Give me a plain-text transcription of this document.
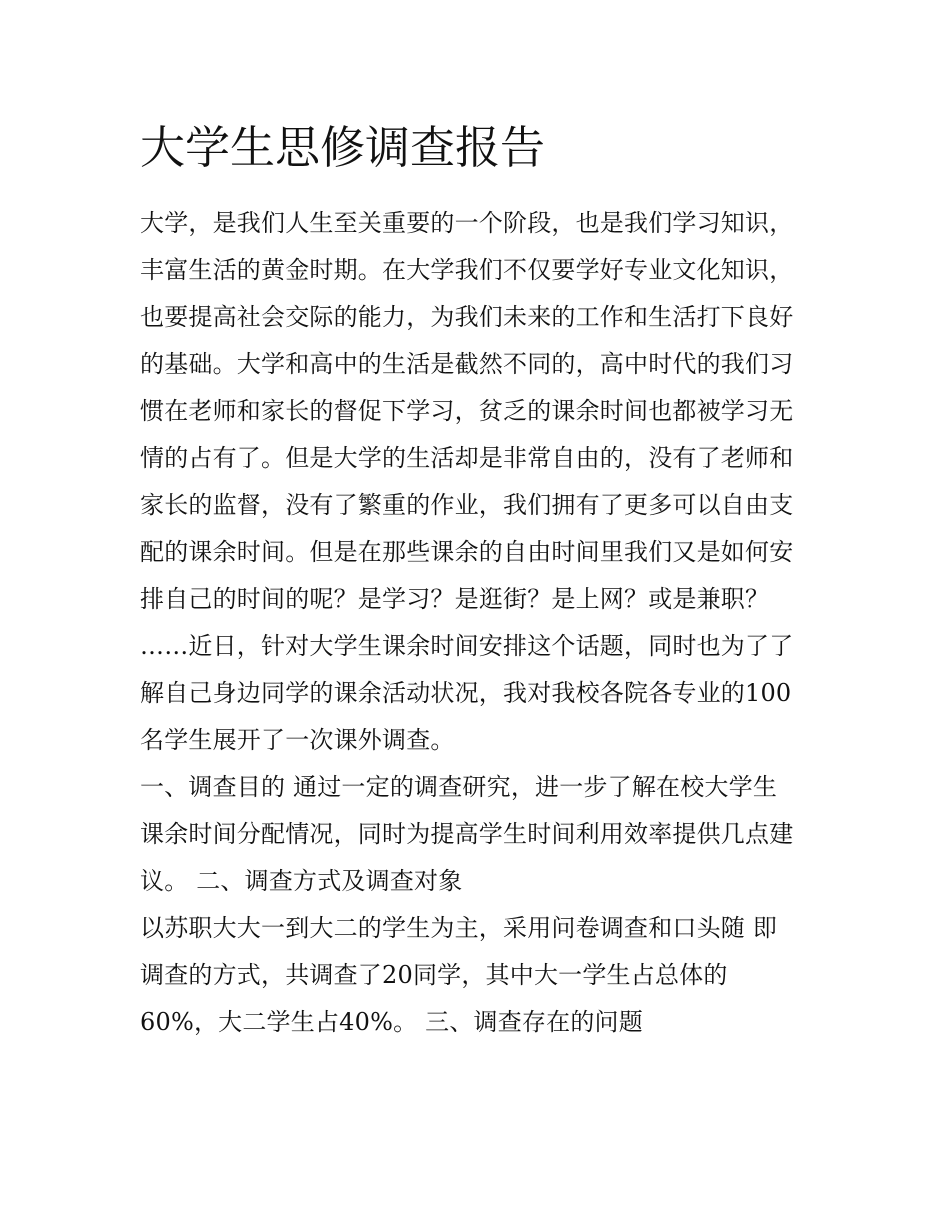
大学生思修调查报告
大学，是我们人生至关重要的一个阶段，也是我们学习知识，
丰富生活的黄金时期。在大学我们不仅要学好专业文化知识，
也要提高社会交际的能力，为我们未来的工作和生活打下良好
的基础。大学和高中的生活是截然不同的，高中时代的我们习
惯在老师和家长的督促下学习，贫乏的课余时间也都被学习无
情的占有了。但是大学的生活却是非常自由的，没有了老师和
家长的监督，没有了繁重的作业，我们拥有了更多可以自由支
配的课余时间。但是在那些课余的自由时间里我们又是如何安
排自己的时间的呢？是学习？是逛街？是上网？或是兼职？
……近日，针对大学生课余时间安排这个话题，同时也为了了
解自己身边同学的课余活动状况，我对我校各院各专业的100
名学生展开了一次课外调查。
一、调查目的 通过一定的调查研究，进一步了解在校大学生
课余时间分配情况，同时为提高学生时间利用效率提供几点建
议。 二、调查方式及调查对象
以苏职大大一到大二的学生为主，采用问卷调查和口头随 即
调查的方式，共调查了20同学，其中大一学生占总体的
60%，大二学生占40%。 三、调查存在的问题
